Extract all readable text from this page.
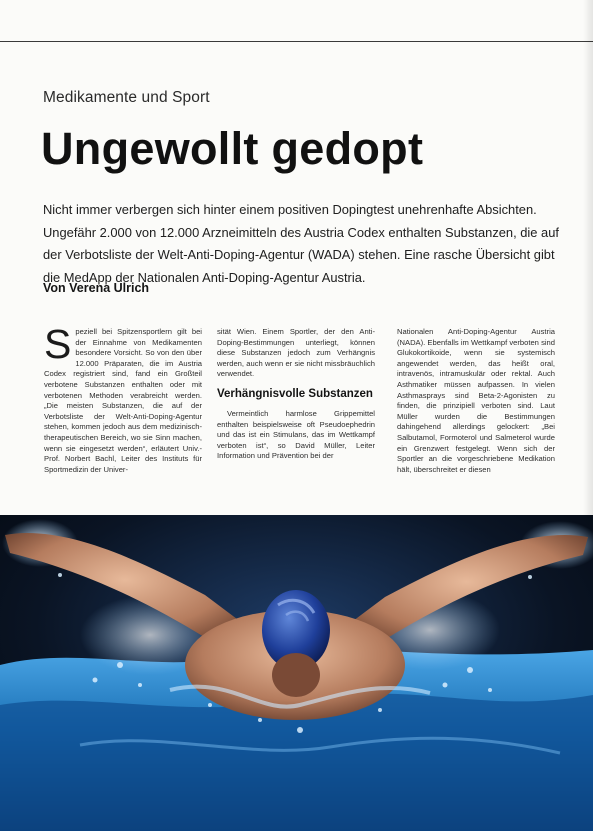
Medikamente und Sport
Ungewollt gedopt

Nicht immer verbergen sich hinter einem positiven Dopingtest unehrenhafte Absichten. Ungefähr 2.000 von 12.000 Arzneimitteln des Austria Codex enthalten Substanzen, die auf der Verbotsliste der Welt-Anti-Doping-Agentur (WADA) stehen. Eine rasche Übersicht gibt die MedApp der Nationalen Anti-Doping-Agentur Austria.

Von Verena Ulrich
S peziell bei Spitzensportlern gilt bei der Einnahme von Medikamenten besondere Vorsicht. So von den über 12.000 Präparaten, die im Austria Codex registriert sind, fand ein Großteil verbotene Substanzen enthalten oder mit verbotenen Methoden verabreicht werden. „Die meisten Substanzen, die auf der Verbotsliste der Welt-Anti-Doping-Agentur stehen, kommen jedoch aus dem medizinisch-therapeutischen Bereich, wo sie Sinn machen, wenn sie eingesetzt werden“, erläutert Univ.-Prof. Norbert Bachl, Leiter des Instituts für Sportmedizin der Univer-

sität Wien. Einem Sportler, der den Anti-Doping-Bestimmungen unterliegt, können diese Substanzen jedoch zum Verhängnis werden, auch wenn er sie nicht missbräuchlich verwendet.

Verhängnisvolle Substanzen

Vermeintlich harmlose Grippemittel enthalten beispielsweise oft Pseudoephedrin und das ist ein Stimulans, das im Wettkampf verboten ist“, so David Müller, Leiter Information und Prävention bei der

Nationalen Anti-Doping-Agentur Austria (NADA). Ebenfalls im Wettkampf verboten sind Glukokortikoide, wenn sie systemisch angewendet werden, das heißt oral, intravenös, intramuskulär oder rektal. Auch Asthmatiker müssen aufpassen. In vielen Asthmasprays sind Beta-2-Agonisten zu finden, die prinzipiell verboten sind. Laut Müller wurden die Bestimmungen dahingehend allerdings gelockert: „Bei Salbutamol, Formoterol und Salmeterol wurde ein Grenzwert festgelegt. Wenn sich der Sportler an die vorgeschriebene Medikation hält, überschreitet er diesen
